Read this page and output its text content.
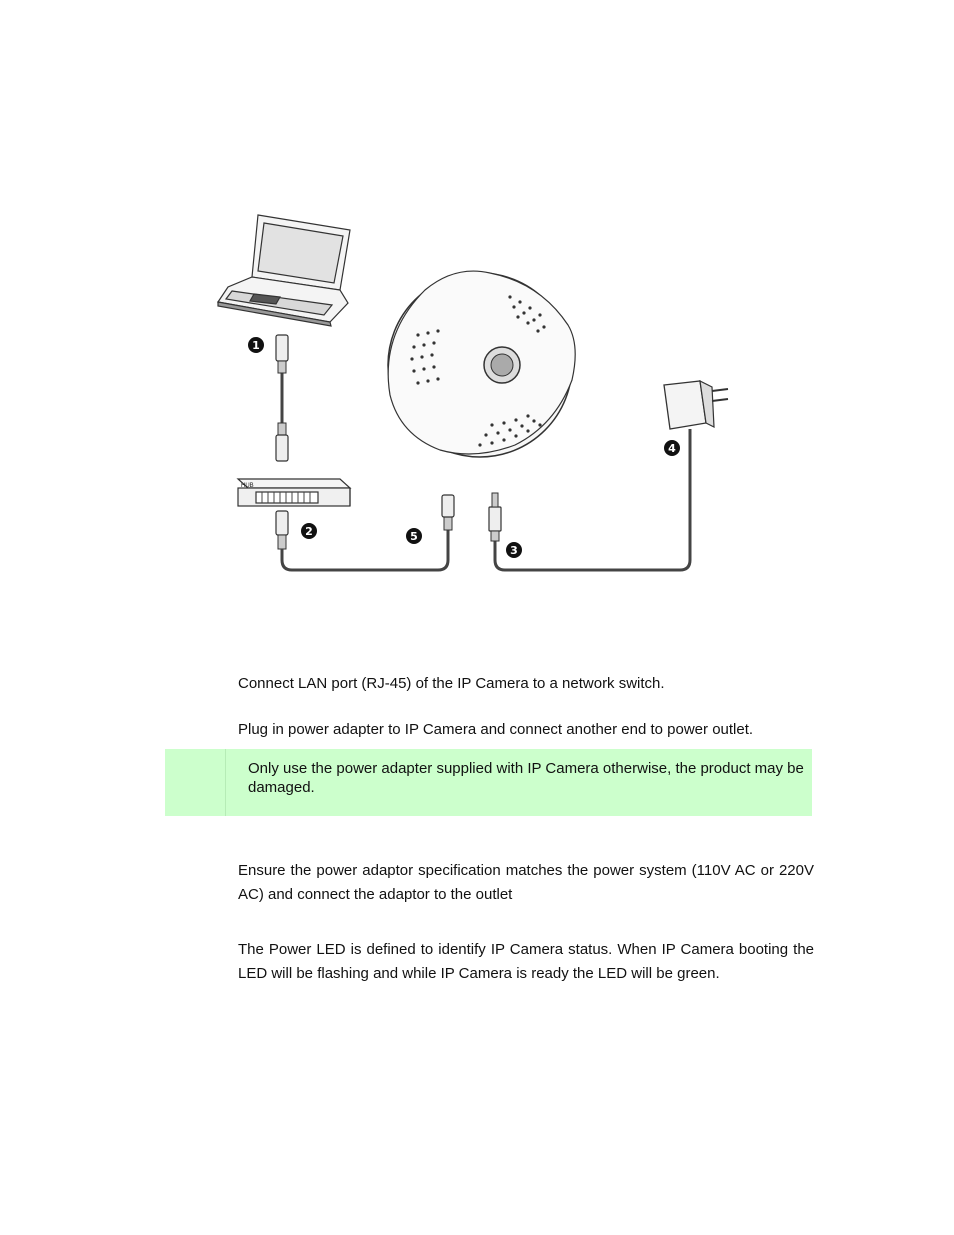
HUB
1
2
3
4
5

Connect LAN port (RJ-45) of the IP Camera to a network switch.

Plug in power adapter to IP Camera and connect another end to power outlet.

Only use the power adapter supplied with IP Camera otherwise, the product may be damaged.

Ensure the power adaptor specification matches the power system (110V AC or 220V AC) and connect the adaptor to the outlet

The Power LED is defined to identify IP Camera status. When IP Camera booting the LED will be flashing and while IP Camera is ready the LED will be green.
